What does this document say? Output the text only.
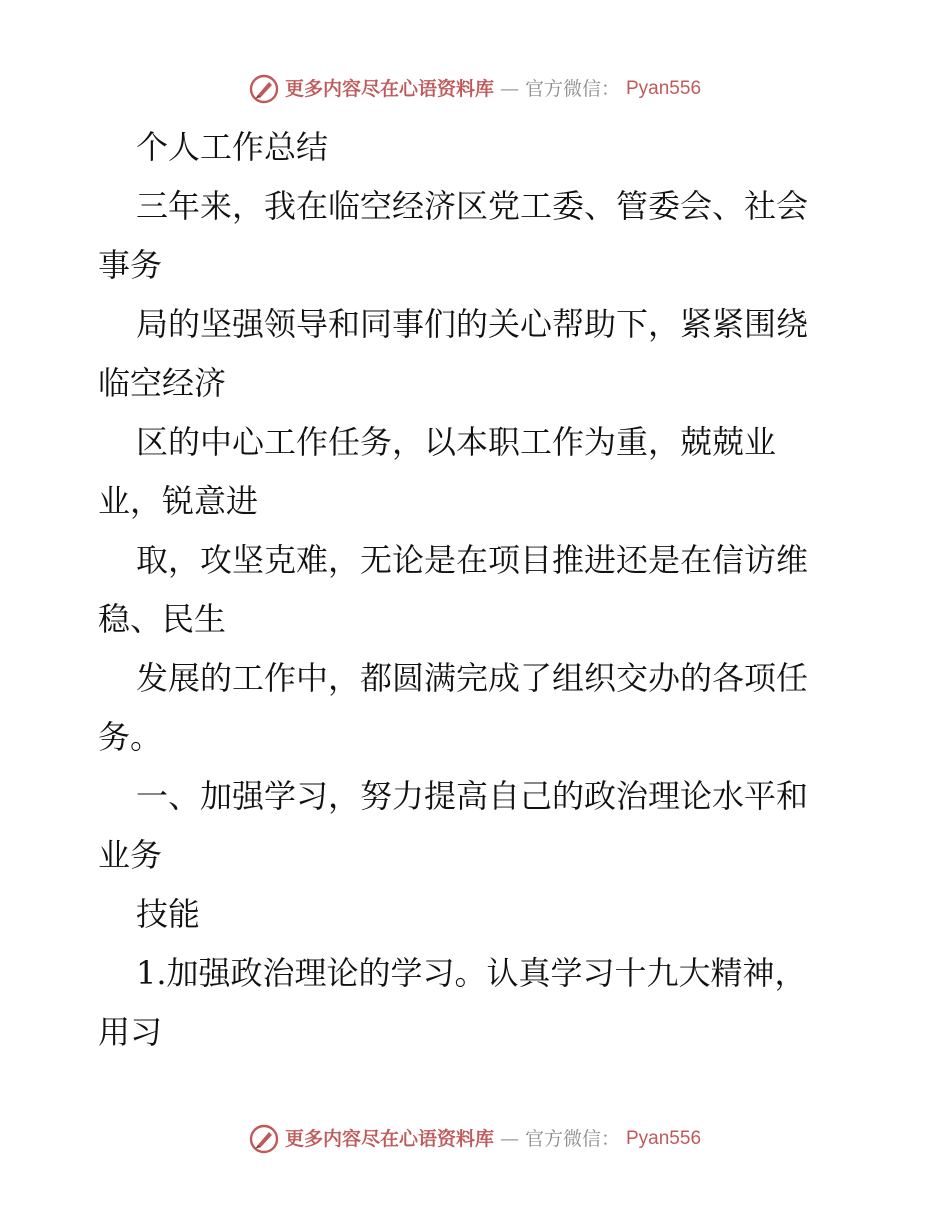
更多内容尽在心语资料库 — 官方微信： Pyan556
个人工作总结
三年来，我在临空经济区党工委、管委会、社会
事务
局的坚强领导和同事们的关心帮助下，紧紧围绕
临空经济
区的中心工作任务，以本职工作为重，兢兢业
业，锐意进
取，攻坚克难，无论是在项目推进还是在信访维
稳、民生
发展的工作中，都圆满完成了组织交办的各项任
务。
一、加强学习，努力提高自己的政治理论水平和
业务
技能
1.加强政治理论的学习。认真学习十九大精神，
用习
更多内容尽在心语资料库 — 官方微信： Pyan556
